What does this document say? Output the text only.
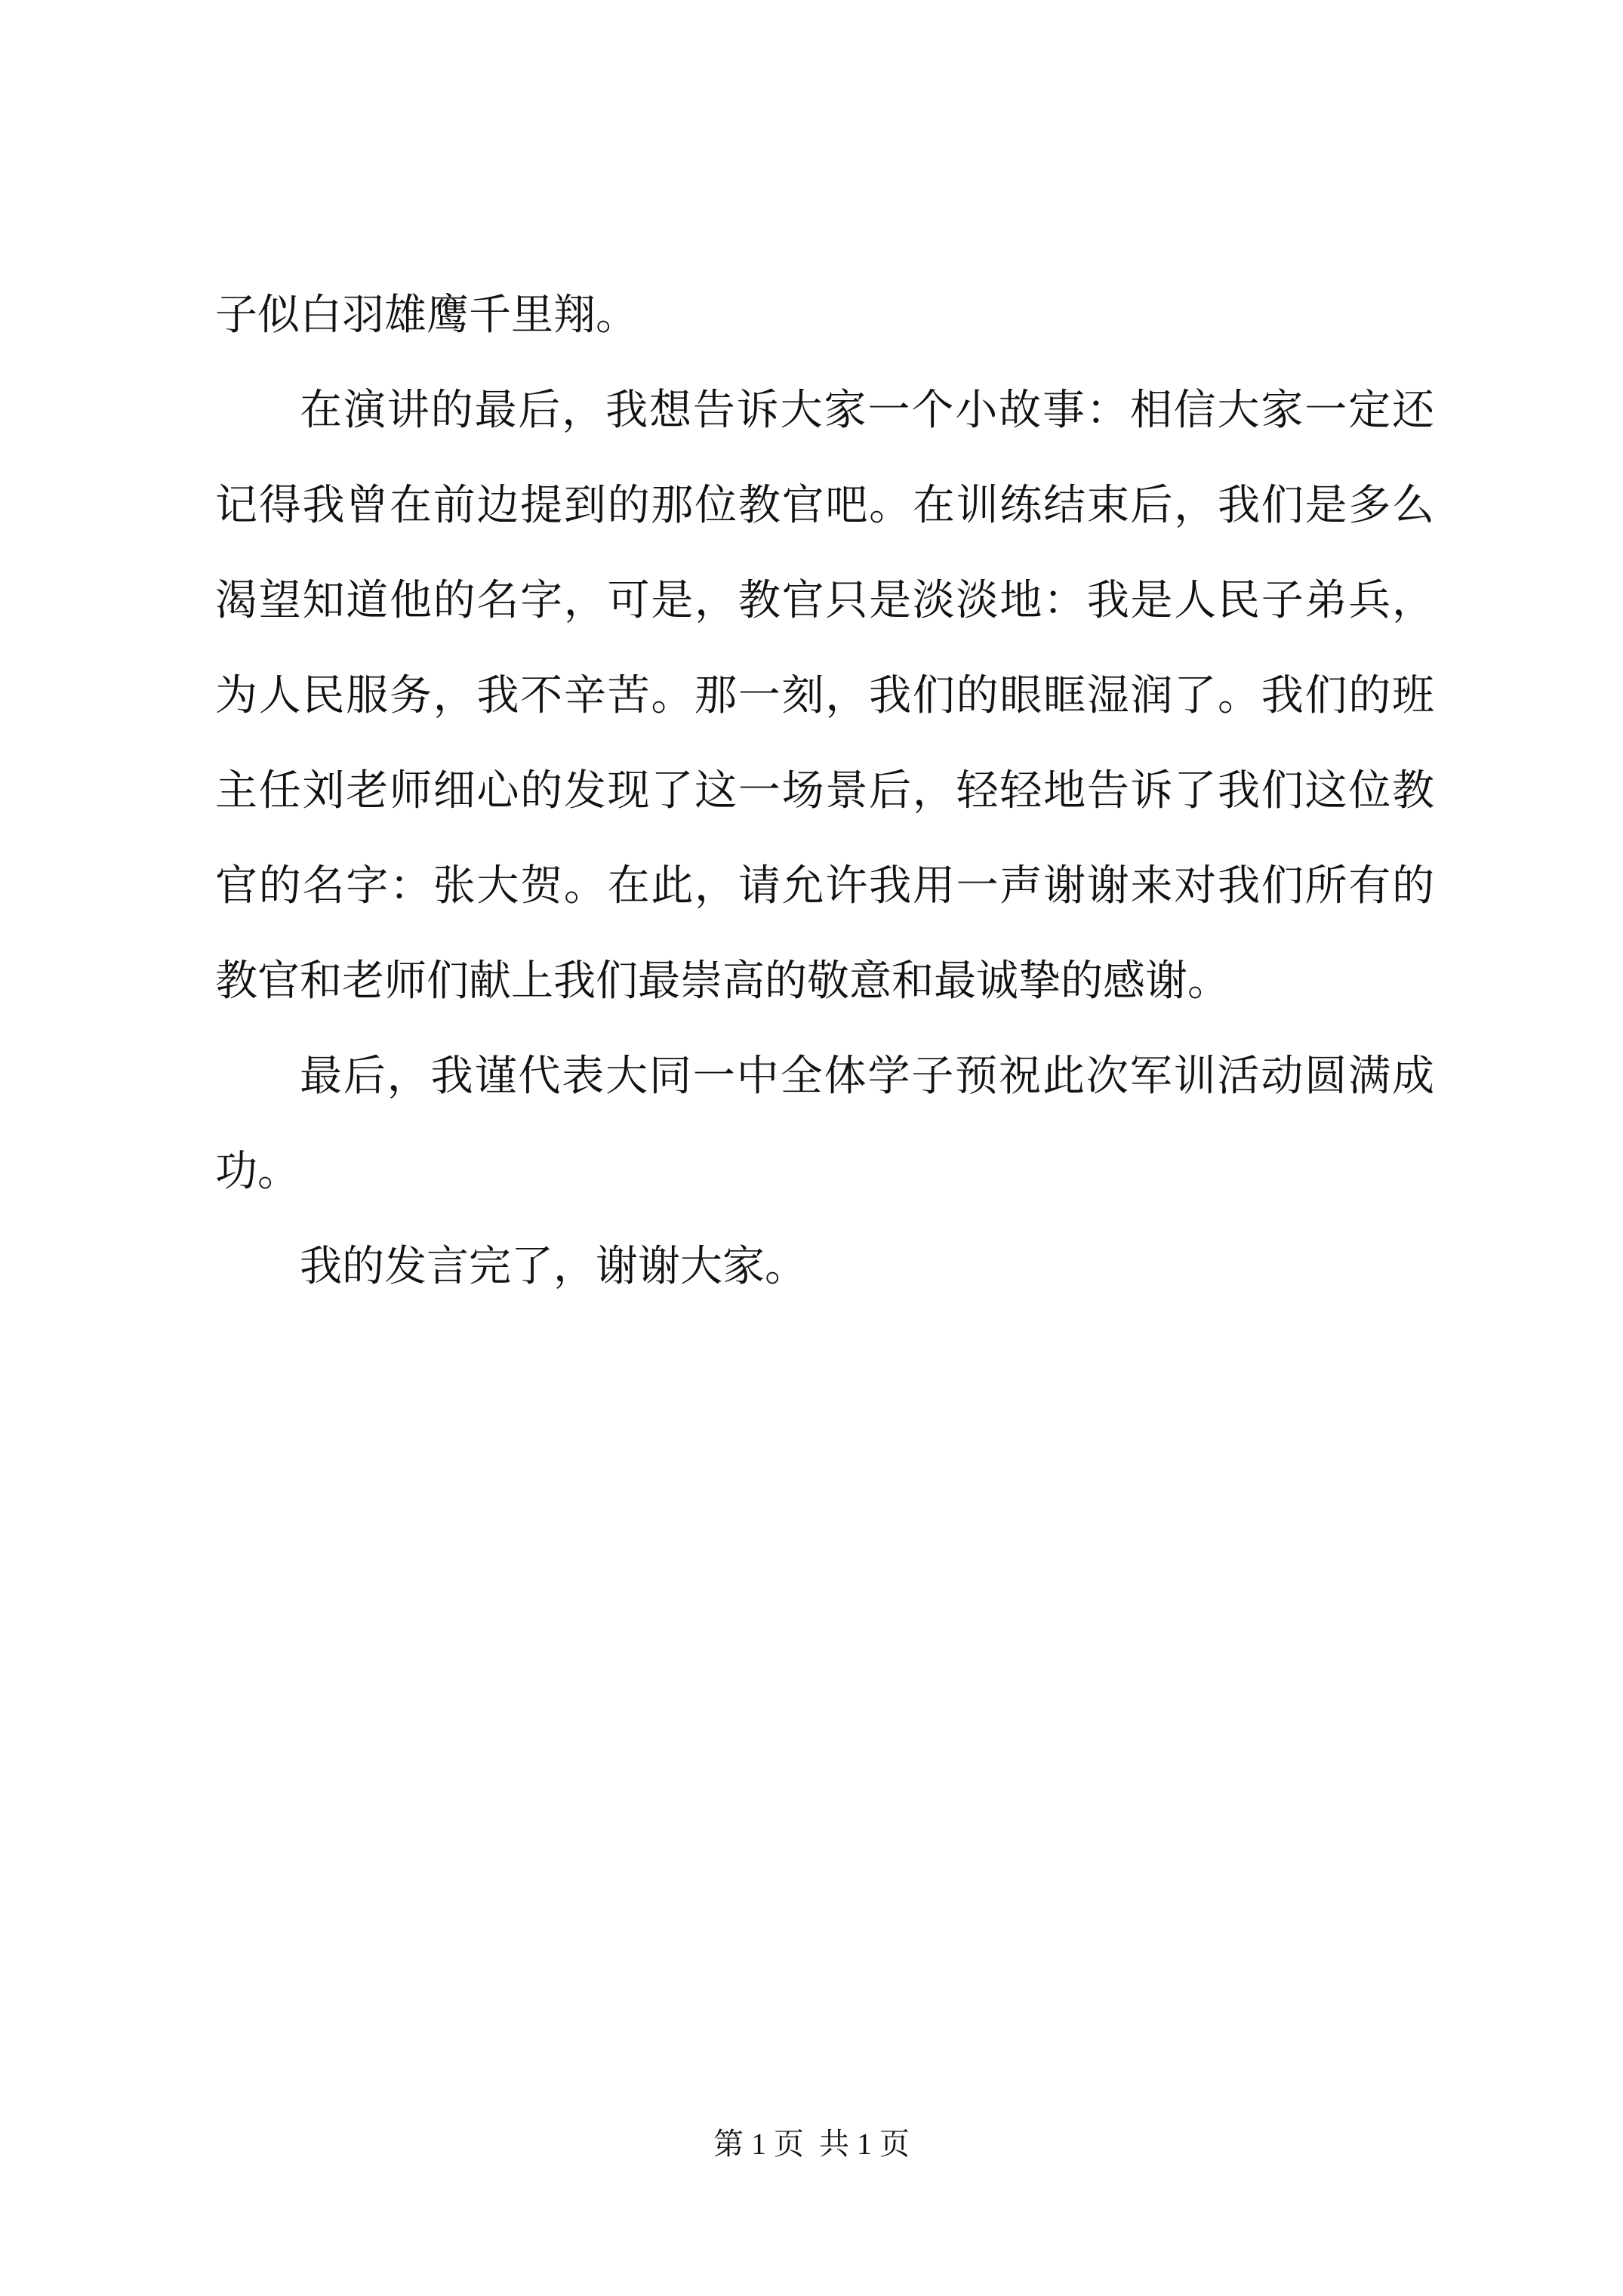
子似白羽雄鹰千里翔。

在演讲的最后，我想告诉大家一个小故事：相信大家一定还记得我曾在前边提到的那位教官吧。在训练结束后，我们是多么渴望知道他的名字，可是，教官只是淡淡地：我是人民子弟兵，为人民服务，我不辛苦。那一刻，我们的眼眶湿润了。我们的班主任刘老师细心的发现了这一场景后，轻轻地告诉了我们这位教官的名字：张大贺。在此，请允许我用一声谢谢来对我们所有的教官和老师们献上我们最崇高的敬意和最诚挚的感谢。

最后，我谨代表大同一中全体学子预祝此次军训活动圆满成功。

我的发言完了，谢谢大家。

第 1 页  共 1 页
